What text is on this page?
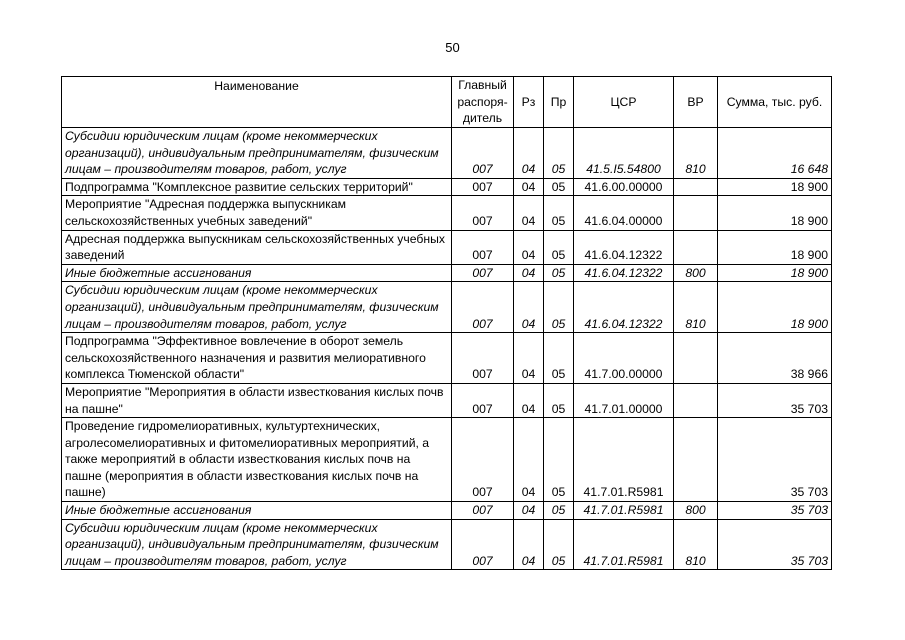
50
Наименование	Главный распоря-дитель	Рз	Пр	ЦСР	ВР	Сумма, тыс. руб.
Субсидии юридическим лицам (кроме некоммерческих организаций), индивидуальным предпринимателям, физическим лицам – производителям товаров, работ, услуг	007	04	05	41.5.I5.54800	810	16 648
Подпрограмма "Комплексное развитие сельских территорий"	007	04	05	41.6.00.00000		18 900
Мероприятие "Адресная поддержка выпускникам сельскохозяйственных учебных заведений"	007	04	05	41.6.04.00000		18 900
Адресная поддержка выпускникам сельскохозяйственных учебных заведений	007	04	05	41.6.04.12322		18 900
Иные бюджетные ассигнования	007	04	05	41.6.04.12322	800	18 900
Субсидии юридическим лицам (кроме некоммерческих организаций), индивидуальным предпринимателям, физическим лицам – производителям товаров, работ, услуг	007	04	05	41.6.04.12322	810	18 900
Подпрограмма "Эффективное вовлечение в оборот земель сельскохозяйственного назначения и развития мелиоративного комплекса Тюменской области"	007	04	05	41.7.00.00000		38 966
Мероприятие "Мероприятия в области известкования кислых почв на пашне"	007	04	05	41.7.01.00000		35 703
Проведение гидромелиоративных, культуртехнических, агролесомелиоративных и фитомелиоративных мероприятий, а также мероприятий в области известкования кислых почв на пашне (мероприятия в области известкования кислых почв на пашне)	007	04	05	41.7.01.R5981		35 703
Иные бюджетные ассигнования	007	04	05	41.7.01.R5981	800	35 703
Субсидии юридическим лицам (кроме некоммерческих организаций), индивидуальным предпринимателям, физическим лицам – производителям товаров, работ, услуг	007	04	05	41.7.01.R5981	810	35 703
